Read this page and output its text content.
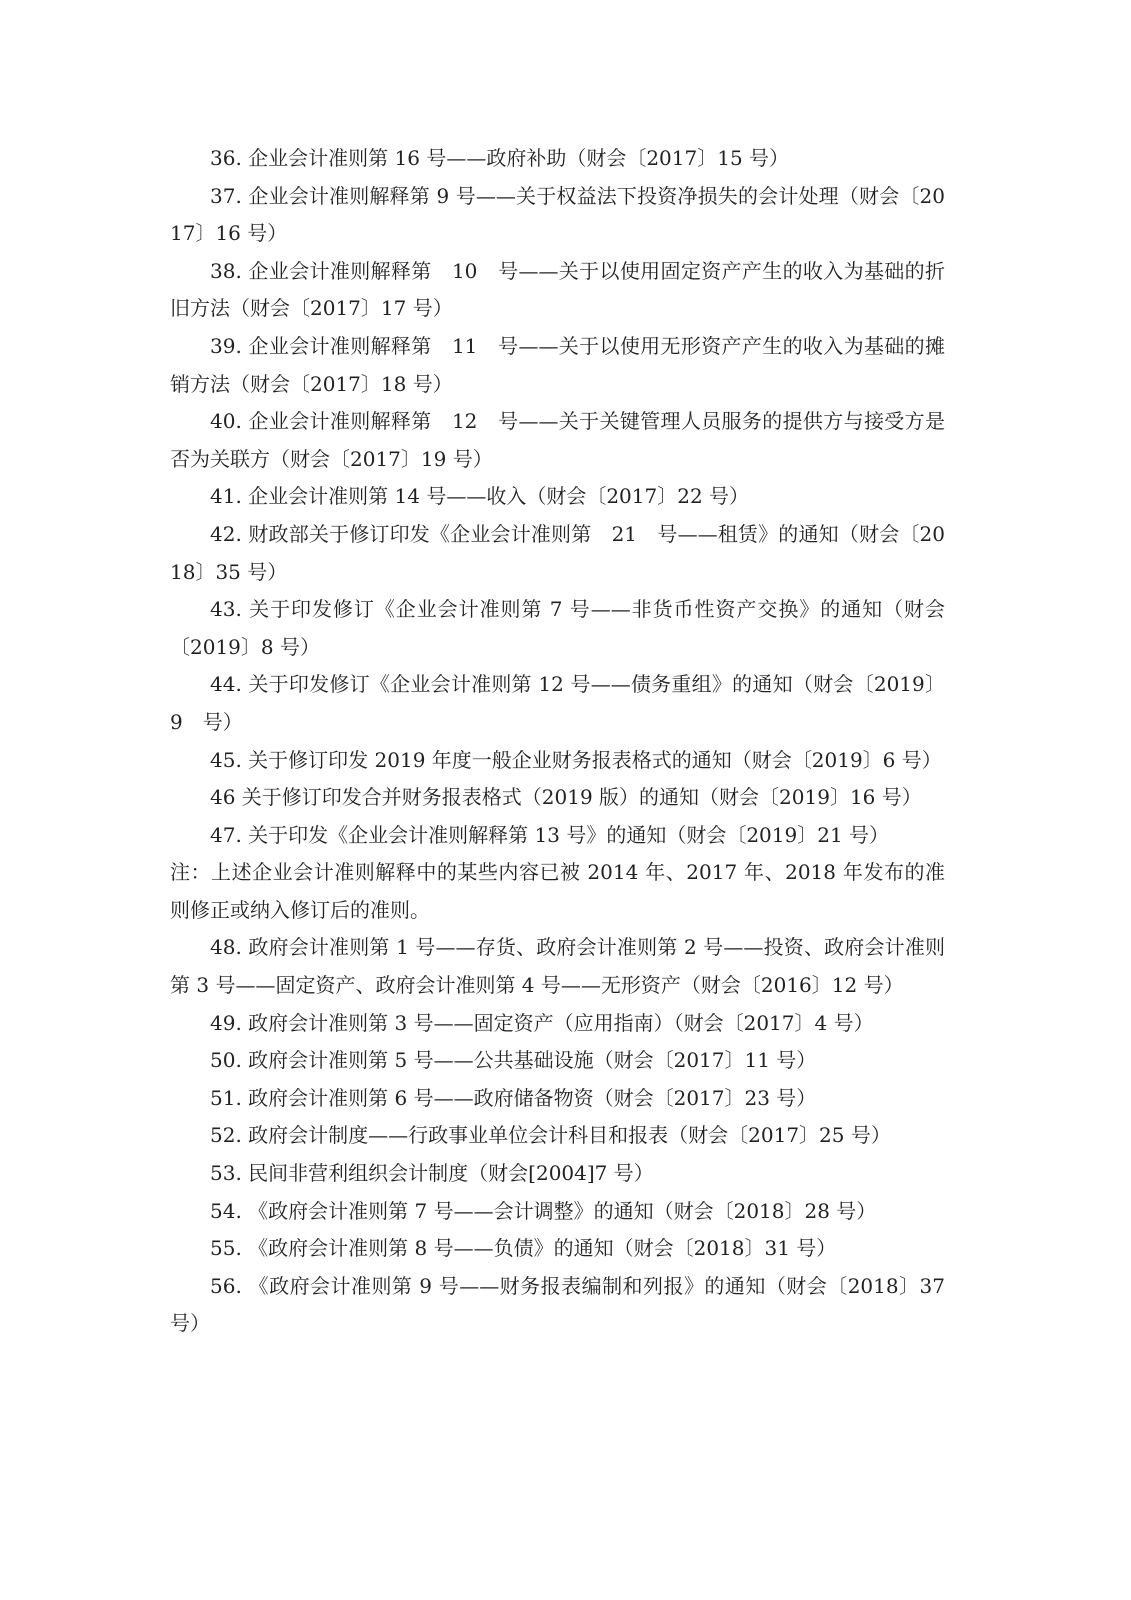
36. 企业会计准则第 16 号——政府补助（财会〔2017〕15 号）

37. 企业会计准则解释第 9 号——关于权益法下投资净损失的会计处理（财会〔2017〕16 号）

38. 企业会计准则解释第　10　号——关于以使用固定资产产生的收入为基础的折旧方法（财会〔2017〕17 号）

39. 企业会计准则解释第　11　号——关于以使用无形资产产生的收入为基础的摊销方法（财会〔2017〕18 号）

40. 企业会计准则解释第　12　号——关于关键管理人员服务的提供方与接受方是否为关联方（财会〔2017〕19 号）

41. 企业会计准则第 14 号——收入（财会〔2017〕22 号）

42. 财政部关于修订印发《企业会计准则第　21　号——租赁》的通知（财会〔2018〕35 号）

43. 关于印发修订《企业会计准则第 7 号——非货币性资产交换》的通知（财会〔2019〕8 号）

44. 关于印发修订《企业会计准则第 12 号——债务重组》的通知（财会〔2019〕9　号）

45. 关于修订印发 2019 年度一般企业财务报表格式的通知（财会〔2019〕6 号）

46 关于修订印发合并财务报表格式（2019 版）的通知（财会〔2019〕16 号）

47. 关于印发《企业会计准则解释第 13 号》的通知（财会〔2019〕21 号）

注：上述企业会计准则解释中的某些内容已被 2014 年、2017 年、2018 年发布的准则修正或纳入修订后的准则。

48. 政府会计准则第 1 号——存货、政府会计准则第 2 号——投资、政府会计准则第 3 号——固定资产、政府会计准则第 4 号——无形资产（财会〔2016〕12 号）

49. 政府会计准则第 3 号——固定资产（应用指南）（财会〔2017〕4 号）

50. 政府会计准则第 5 号——公共基础设施（财会〔2017〕11 号）

51. 政府会计准则第 6 号——政府储备物资（财会〔2017〕23 号）

52. 政府会计制度——行政事业单位会计科目和报表（财会〔2017〕25 号）

53. 民间非营利组织会计制度（财会[2004]7 号）

54. 《政府会计准则第 7 号——会计调整》的通知（财会〔2018〕28 号）

55. 《政府会计准则第 8 号——负债》的通知（财会〔2018〕31 号）

56. 《政府会计准则第 9 号——财务报表编制和列报》的通知（财会〔2018〕37 号）
